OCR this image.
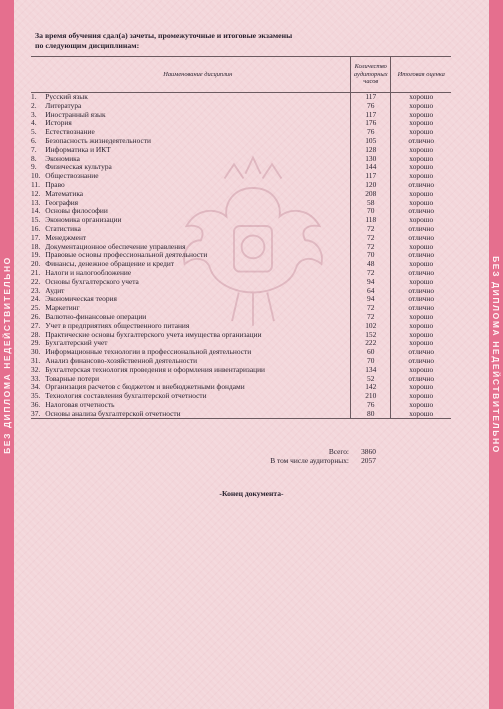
БЕЗ ДИПЛОМА НЕДЕЙСТВИТЕЛЬНО	БЕЗ ДИПЛОМА НЕДЕЙСТВИТЕЛЬНО
За время обучения сдал(а) зачеты, промежуточные и итоговые экзамены
по следующим дисциплинам:
	Наименование дисциплин	Количество аудиторных часов	Итоговая оценка
1.	Русский язык	117	хорошо
2.	Литература	76	хорошо
3.	Иностранный язык	117	хорошо
4.	История	176	хорошо
5.	Естествознание	76	хорошо
6.	Безопасность жизнедеятельности	105	отлично
7.	Информатика и ИКТ	128	хорошо
8.	Экономика	130	хорошо
9.	Физическая культура	144	хорошо
10.	Обществознание	117	хорошо
11.	Право	120	отлично
12.	Математика	208	хорошо
13.	География	58	хорошо
14.	Основы философии	70	отлично
15.	Экономика организации	118	хорошо
16.	Статистика	72	отлично
17.	Менеджмент	72	отлично
18.	Документационное обеспечение управления	72	хорошо
19.	Правовые основы профессиональной деятельности	70	отлично
20.	Финансы, денежное обращение и кредит	48	хорошо
21.	Налоги и налогообложение	72	отлично
22.	Основы бухгалтерского учета	94	хорошо
23.	Аудит	64	отлично
24.	Экономическая теория	94	отлично
25.	Маркетинг	72	отлично
26.	Валютно-финансовые операции	72	хорошо
27.	Учет в предприятиях общественного питания	102	хорошо
28.	Практические основы бухгалтерского учета имущества организации	152	хорошо
29.	Бухгалтерский учет	222	хорошо
30.	Информационные технологии в профессиональной деятельности	60	отлично
31.	Анализ финансово-хозяйственной деятельности	70	отлично
32.	Бухгалтерская технология проведения и оформления инвентаризации	134	хорошо
33.	Товарные потери	52	отлично
34.	Организация расчетов с бюджетом и внебюджетными фондами	142	хорошо
35.	Технология составления бухгалтерской отчетности	210	хорошо
36.	Налоговая отчетность	76	хорошо
37.	Основы анализа бухгалтерской отчетности	80	хорошо
Всего:	3860
В том числе аудиторных:	2057
-Конец документа-
